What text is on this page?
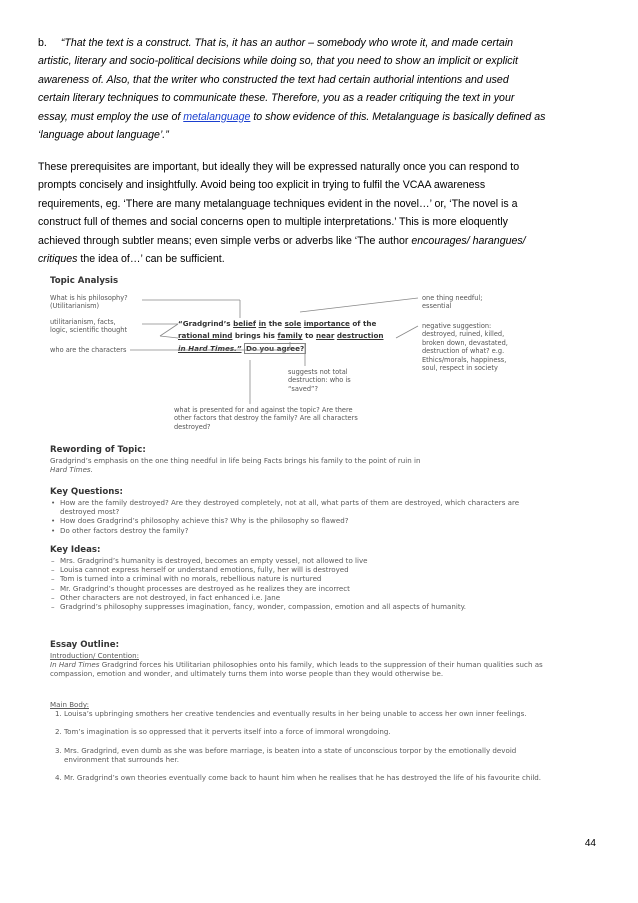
b. “That the text is a construct. That is, it has an author – somebody who wrote it, and made certain
artistic, literary and socio-political decisions while doing so, that you need to show an implicit or explicit
awareness of. Also, that the writer who constructed the text had certain authorial intentions and used
certain literary techniques to communicate these. Therefore, you as a reader critiquing the text in your
essay, must employ the use of metalanguage to show evidence of this. Metalanguage is basically defined as
‘language about language’.”
These prerequisites are important, but ideally they will be expressed naturally once you can respond to
prompts concisely and insightfully. Avoid being too explicit in trying to fulfil the VCAA awareness
requirements, eg. ‘There are many metalanguage techniques evident in the novel…’ or, ‘The novel is a
construct full of themes and social concerns open to multiple interpretations.’ This is more eloquently
achieved through subtler means; even simple verbs or adverbs like ‘The author encourages/ harangues/
critiques the idea of…’ can be sufficient.
Topic Analysis
What is his philosophy?
(Utilitarianism)
utilitarianism, facts,
logic, scientific thought
who are the characters
one thing needful;
essential
negative suggestion:
destroyed, ruined, killed,
broken down, devastated,
destruction of what? e.g.
Ethics/morals, happiness,
soul, respect in society
“Gradgrind’s belief in the sole importance of the
rational mind brings his family to near destruction
in Hard Times.” Do you agree?
suggests not total
destruction: who is
“saved”?
what is presented for and against the topic? Are there
other factors that destroy the family? Are all characters
destroyed?
Rewording of Topic:
Gradgrind’s emphasis on the one thing needful in life being Facts brings his family to the point of ruin in
Hard Times.
Key Questions:
• How are the family destroyed? Are they destroyed completely, not at all, what parts of them are destroyed, which characters are destroyed most?
• How does Gradgrind’s philosophy achieve this? Why is the philosophy so flawed?
• Do other factors destroy the family?
Key Ideas:
– Mrs. Gradgrind’s humanity is destroyed, becomes an empty vessel, not allowed to live
– Louisa cannot express herself or understand emotions, fully, her will is destroyed
– Tom is turned into a criminal with no morals, rebellious nature is nurtured
– Mr. Gradgrind’s thought processes are destroyed as he realizes they are incorrect
– Other characters are not destroyed, in fact enhanced i.e. Jane
– Gradgrind’s philosophy suppresses imagination, fancy, wonder, compassion, emotion and all aspects of humanity.
Essay Outline:
Introduction/ Contention:
In Hard Times Gradgrind forces his Utilitarian philosophies onto his family, which leads to the suppression of their human qualities such as compassion, emotion and wonder, and ultimately turns them into worse people than they would otherwise be.
Main Body:
1. Louisa’s upbringing smothers her creative tendencies and eventually results in her being unable to access her own inner feelings.
2. Tom’s imagination is so oppressed that it perverts itself into a force of immoral wrongdoing.
3. Mrs. Gradgrind, even dumb as she was before marriage, is beaten into a state of unconscious torpor by the emotionally devoid environment that surrounds her.
4. Mr. Gradgrind’s own theories eventually come back to haunt him when he realises that he has destroyed the life of his favourite child.
44
